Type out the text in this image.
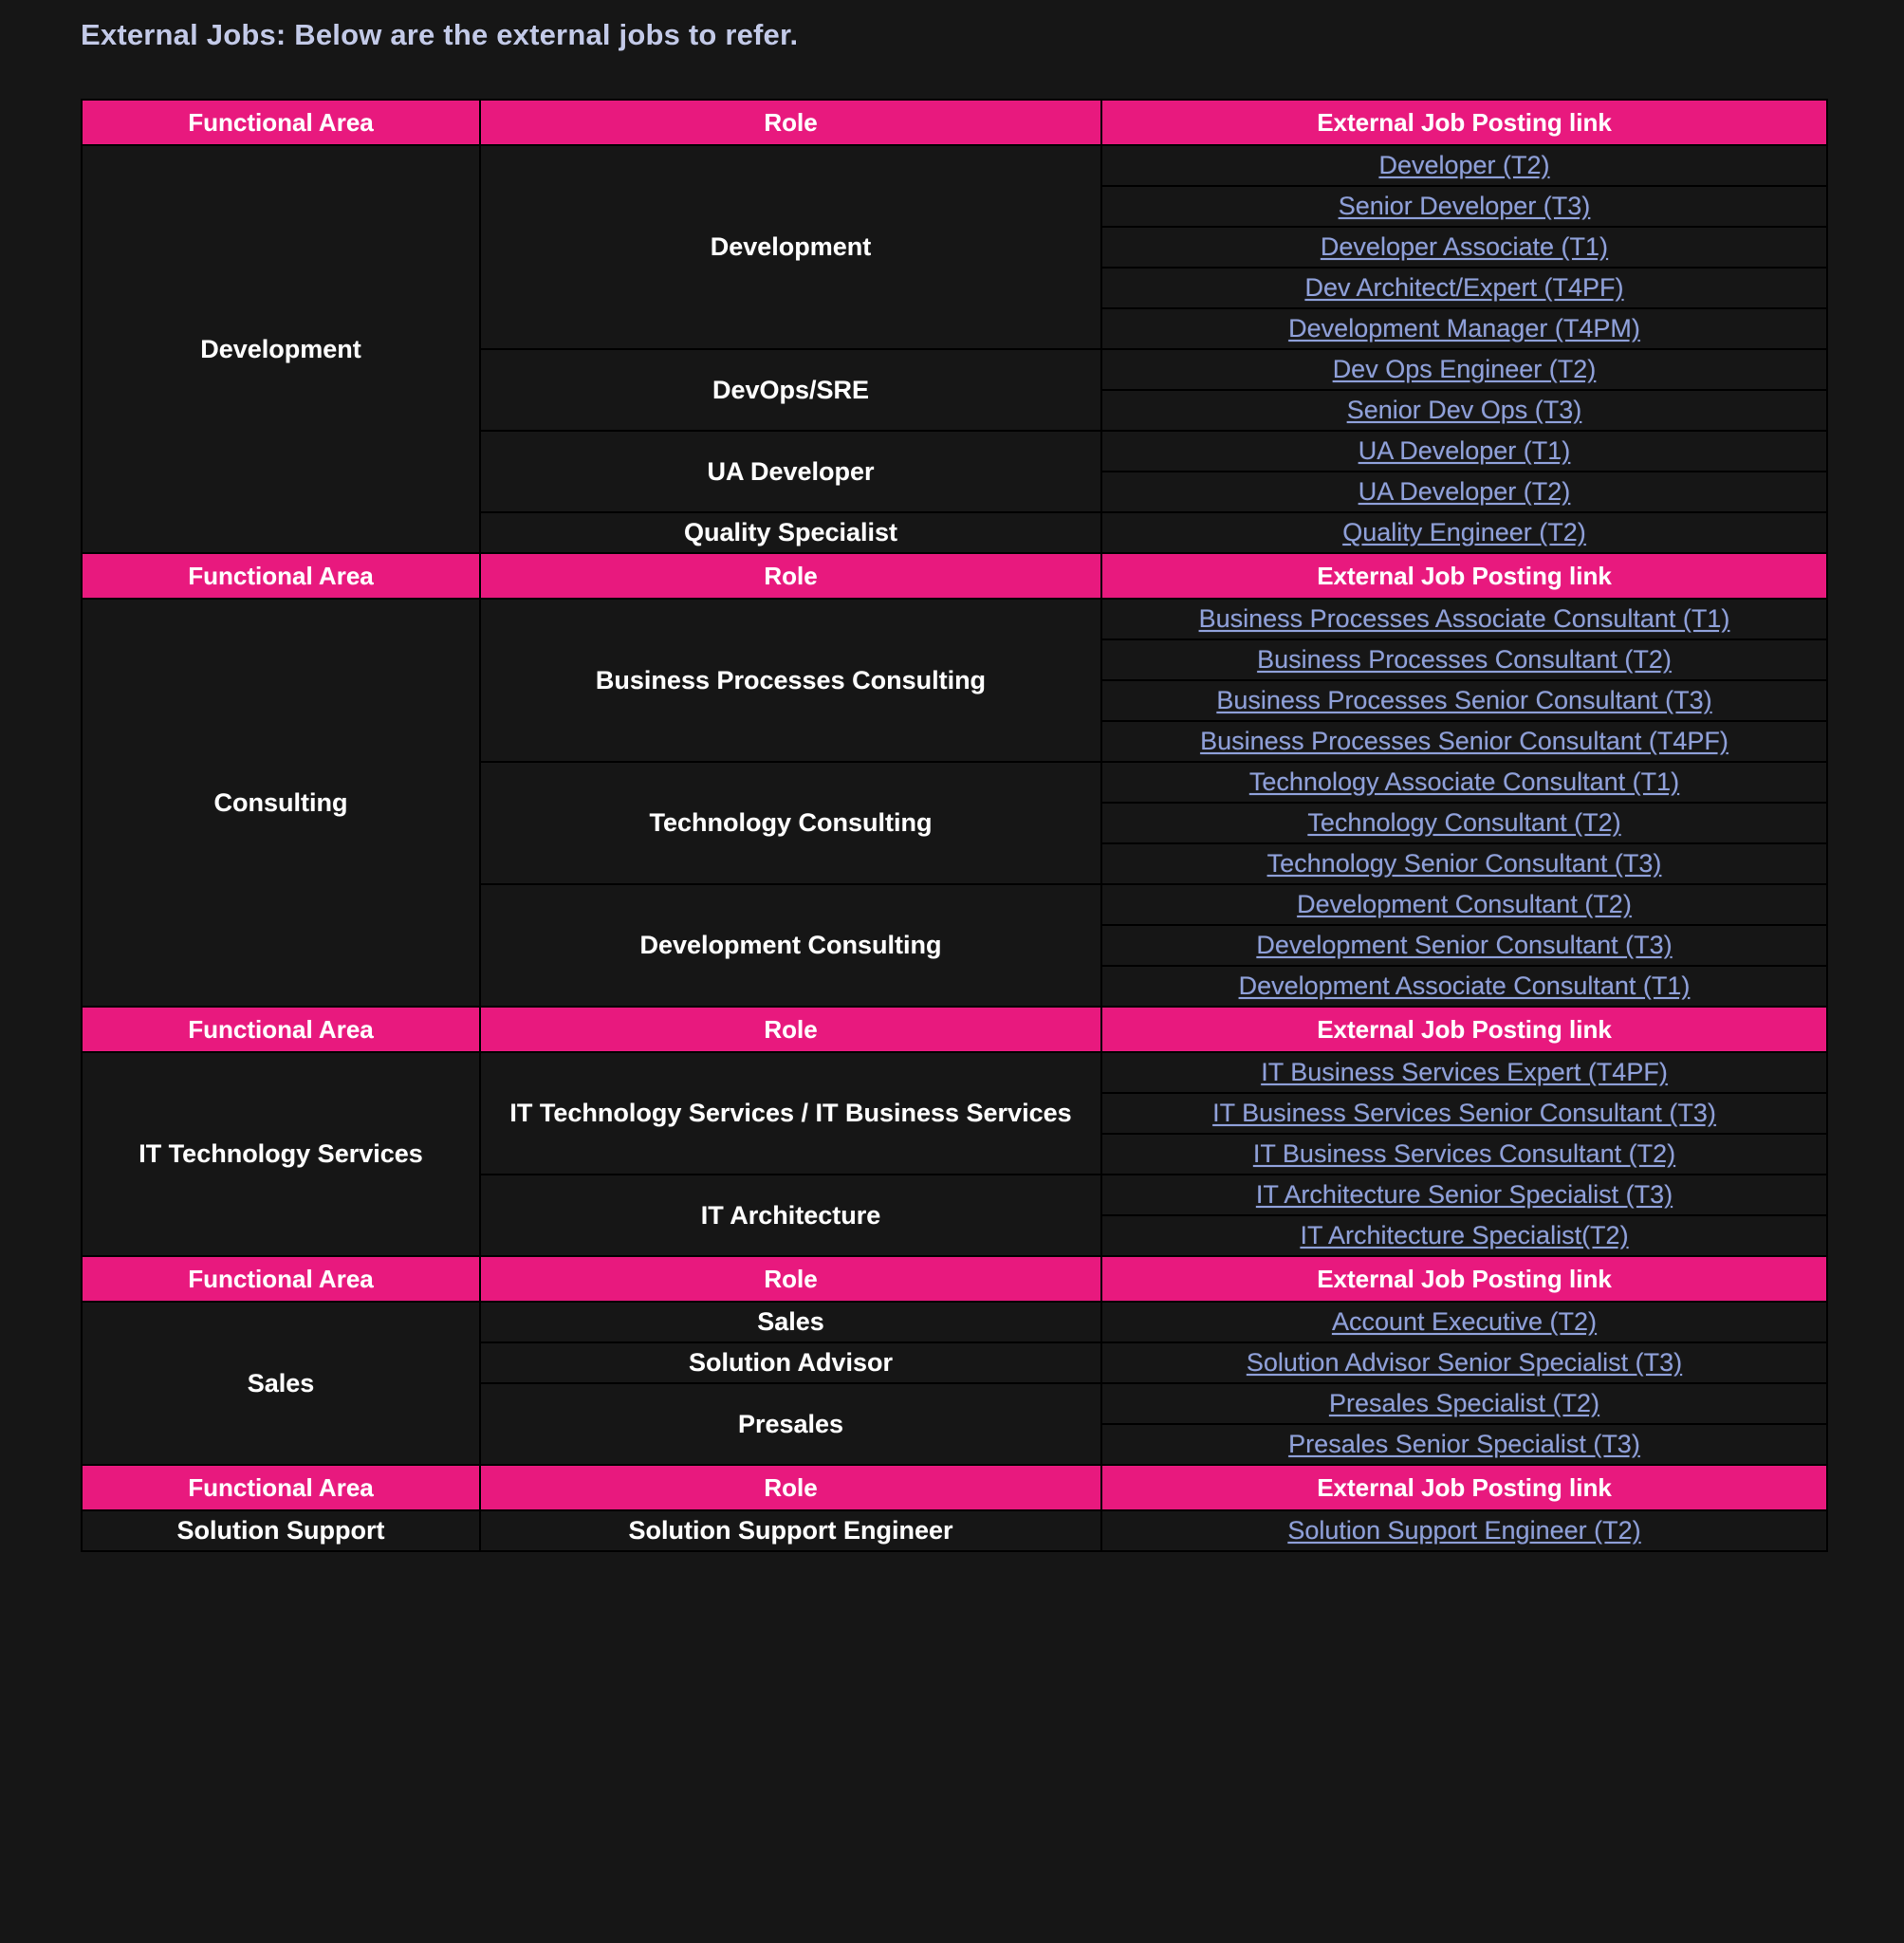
External Jobs: Below are the external jobs to refer.
Functional Area	Role	External Job Posting link
Development	Development	Developer (T2)
		Senior Developer (T3)
		Developer Associate (T1)
		Dev Architect/Expert (T4PF)
		Development Manager (T4PM)
	DevOps/SRE	Dev Ops Engineer (T2)
		Senior Dev Ops (T3)
	UA Developer	UA Developer (T1)
		UA Developer (T2)
	Quality Specialist	Quality Engineer (T2)
Functional Area	Role	External Job Posting link
Consulting	Business Processes Consulting	Business Processes Associate Consultant (T1)
		Business Processes Consultant (T2)
		Business Processes Senior Consultant (T3)
		Business Processes Senior Consultant (T4PF)
	Technology Consulting	Technology Associate Consultant (T1)
		Technology Consultant (T2)
		Technology Senior Consultant (T3)
	Development Consulting	Development Consultant (T2)
		Development Senior Consultant (T3)
		Development Associate Consultant (T1)
Functional Area	Role	External Job Posting link
IT Technology Services	IT Technology Services / IT Business Services	IT Business Services Expert (T4PF)
		IT Business Services Senior Consultant (T3)
		IT Business Services Consultant (T2)
	IT Architecture	IT Architecture Senior Specialist (T3)
		IT Architecture Specialist(T2)
Functional Area	Role	External Job Posting link
Sales	Sales	Account Executive (T2)
	Solution Advisor	Solution Advisor Senior Specialist (T3)
	Presales	Presales Specialist (T2)
		Presales Senior Specialist (T3)
Functional Area	Role	External Job Posting link
Solution Support	Solution Support Engineer	Solution Support Engineer (T2)
